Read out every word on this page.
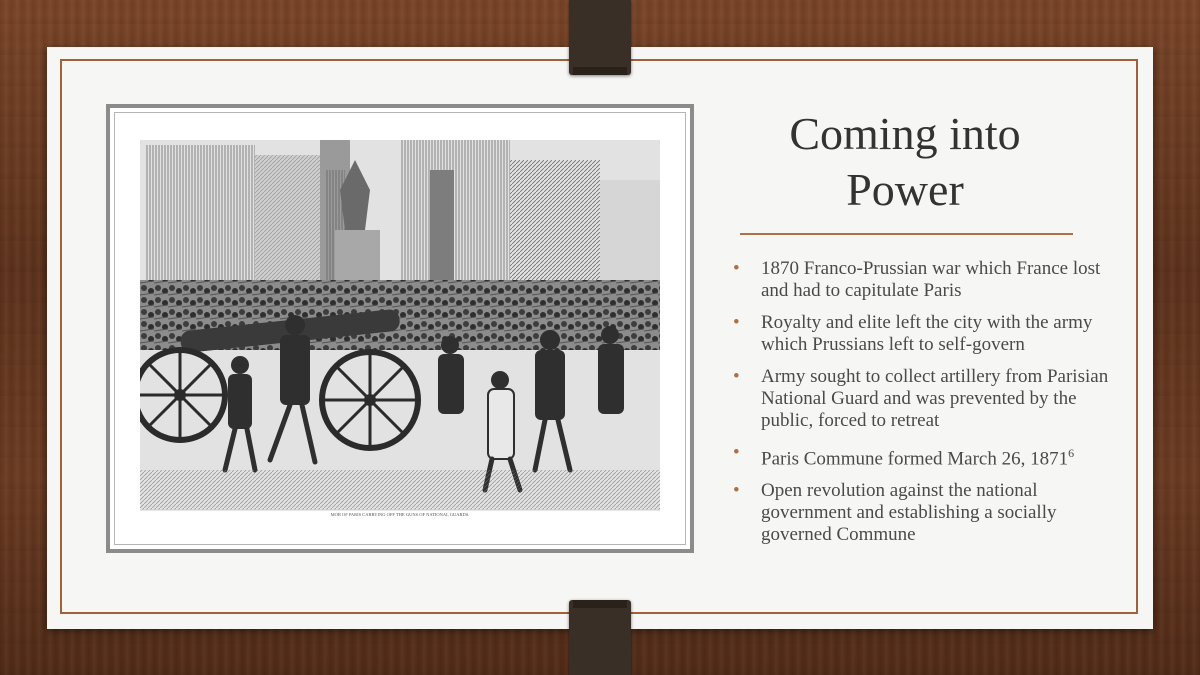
MOB OF PARIS CARRYING OFF THE GUNS OF NATIONAL GUARDS.
Coming into
Power
• 1870 Franco-Prussian war which France lost and had to capitulate Paris
• Royalty and elite left the city with the army which Prussians left to self-govern
• Army sought to collect artillery from Parisian National Guard and was prevented by the public, forced to retreat
• Paris Commune formed March 26, 1871$^6$
• Open revolution against the national government and establishing a socially governed Commune
